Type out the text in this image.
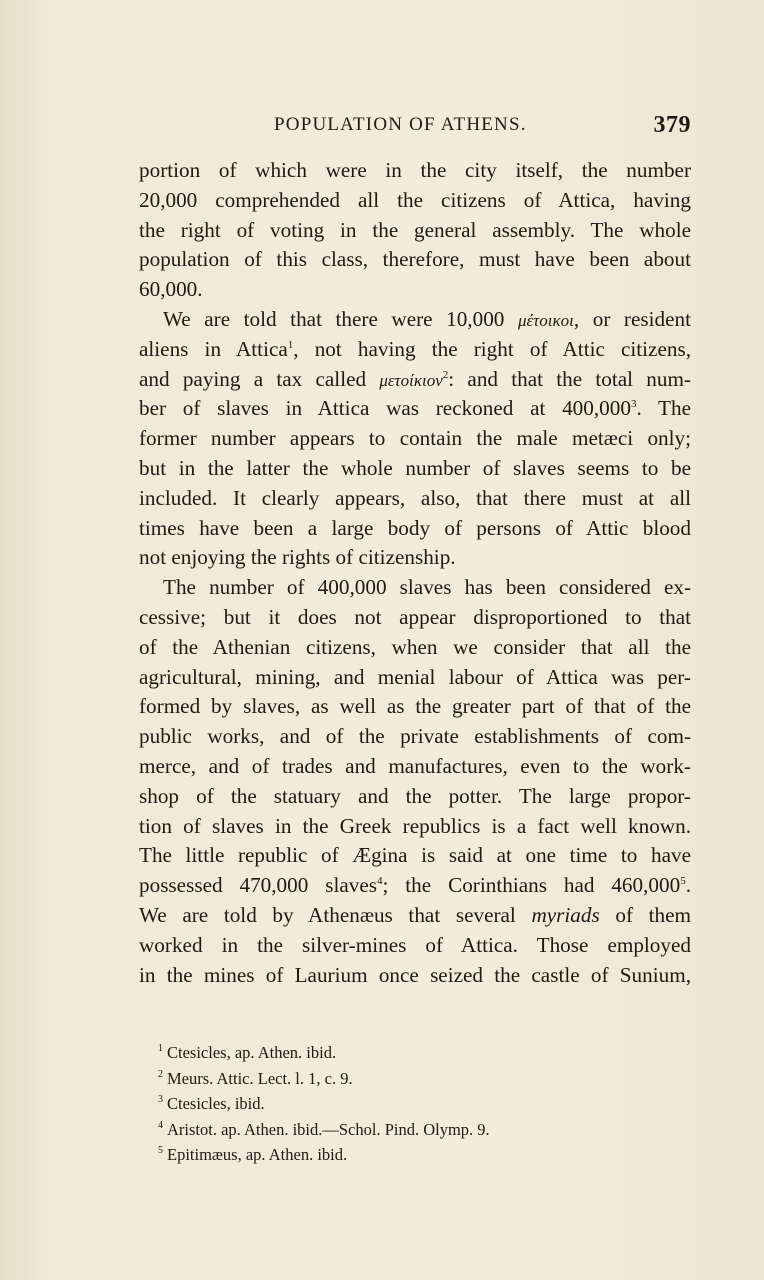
POPULATION OF ATHENS.	379
portion of which were in the city itself, the number
20,000 comprehended all the citizens of Attica, having
the right of voting in the general assembly. The whole
population of this class, therefore, must have been about
60,000.
We are told that there were 10,000 μέτοικοι, or resident
aliens in Attica$^1$, not having the right of Attic citizens,
and paying a tax called μετοίκιον$^2$: and that the total num-
ber of slaves in Attica was reckoned at 400,000$^3$. The
former number appears to contain the male metæci only;
but in the latter the whole number of slaves seems to be
included. It clearly appears, also, that there must at all
times have been a large body of persons of Attic blood
not enjoying the rights of citizenship.
The number of 400,000 slaves has been considered ex-
cessive; but it does not appear disproportioned to that
of the Athenian citizens, when we consider that all the
agricultural, mining, and menial labour of Attica was per-
formed by slaves, as well as the greater part of that of the
public works, and of the private establishments of com-
merce, and of trades and manufactures, even to the work-
shop of the statuary and the potter. The large propor-
tion of slaves in the Greek republics is a fact well known.
The little republic of Ægina is said at one time to have
possessed 470,000 slaves$^4$; the Corinthians had 460,000$^5$.
We are told by Athenæus that several myriads of them
worked in the silver-mines of Attica. Those employed
in the mines of Laurium once seized the castle of Sunium,
$^1$ Ctesicles, ap. Athen. ibid.
$^2$ Meurs. Attic. Lect. l. 1, c. 9.
$^3$ Ctesicles, ibid.
$^4$ Aristot. ap. Athen. ibid.—Schol. Pind. Olymp. 9.
$^5$ Epitimæus, ap. Athen. ibid.
